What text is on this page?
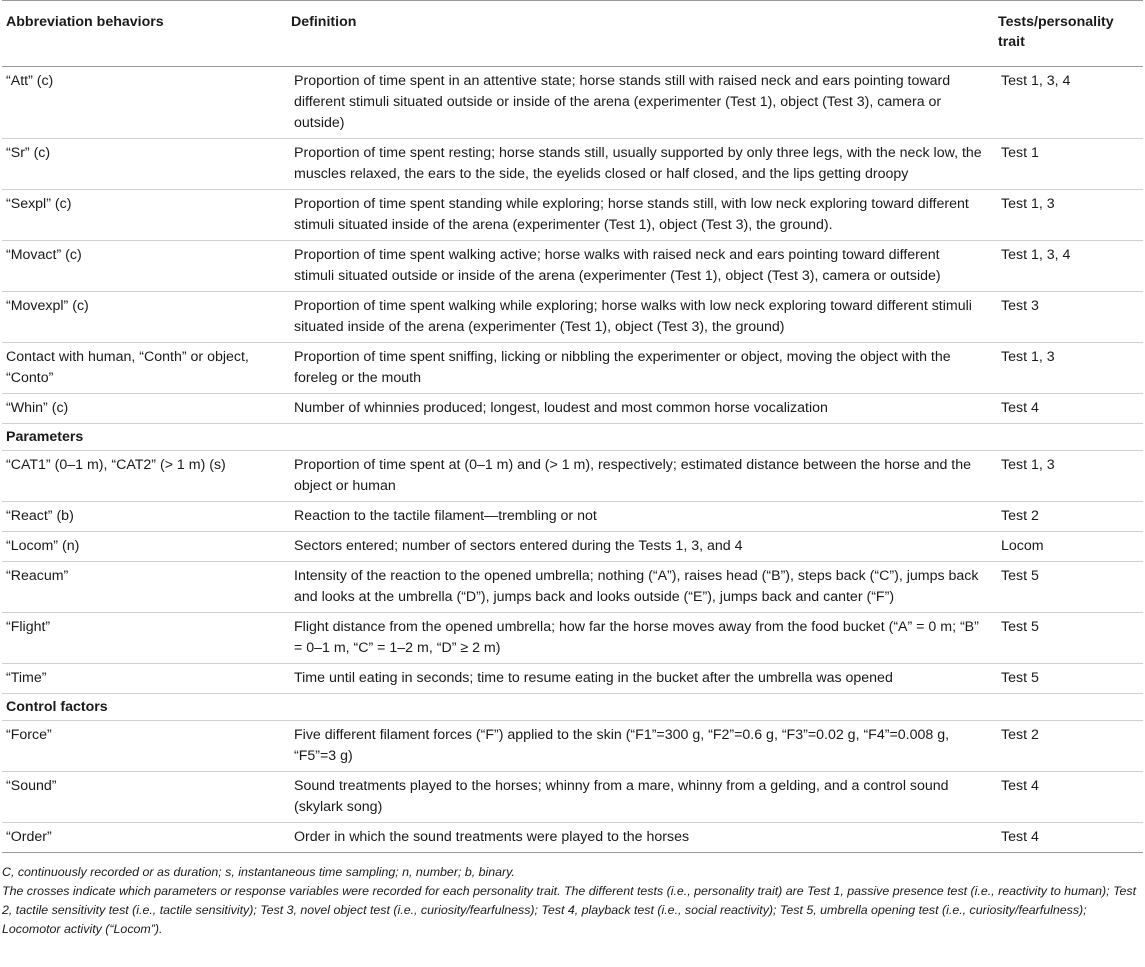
Abbreviation behaviors	Definition	Tests/personality trait
“Att” (c)	Proportion of time spent in an attentive state; horse stands still with raised neck and ears pointing toward different stimuli situated outside or inside of the arena (experimenter (Test 1), object (Test 3), camera or outside)	Test 1, 3, 4
“Sr” (c)	Proportion of time spent resting; horse stands still, usually supported by only three legs, with the neck low, the muscles relaxed, the ears to the side, the eyelids closed or half closed, and the lips getting droopy	Test 1
“Sexpl” (c)	Proportion of time spent standing while exploring; horse stands still, with low neck exploring toward different stimuli situated inside of the arena (experimenter (Test 1), object (Test 3), the ground).	Test 1, 3
“Movact” (c)	Proportion of time spent walking active; horse walks with raised neck and ears pointing toward different stimuli situated outside or inside of the arena (experimenter (Test 1), object (Test 3), camera or outside)	Test 1, 3, 4
“Movexpl” (c)	Proportion of time spent walking while exploring; horse walks with low neck exploring toward different stimuli situated inside of the arena (experimenter (Test 1), object (Test 3), the ground)	Test 3
Contact with human, “Conth” or object, “Conto”	Proportion of time spent sniffing, licking or nibbling the experimenter or object, moving the object with the foreleg or the mouth	Test 1, 3
“Whin” (c)	Number of whinnies produced; longest, loudest and most common horse vocalization	Test 4
Parameters		
“CAT1” (0–1 m), “CAT2” (> 1 m) (s)	Proportion of time spent at (0–1 m) and (> 1 m), respectively; estimated distance between the horse and the object or human	Test 1, 3
“React” (b)	Reaction to the tactile filament—trembling or not	Test 2
“Locom” (n)	Sectors entered; number of sectors entered during the Tests 1, 3, and 4	Locom
“Reacum”	Intensity of the reaction to the opened umbrella; nothing (“A”), raises head (“B”), steps back (“C”), jumps back and looks at the umbrella (“D”), jumps back and looks outside (“E”), jumps back and canter (“F”)	Test 5
“Flight”	Flight distance from the opened umbrella; how far the horse moves away from the food bucket (“A” = 0 m; “B” = 0–1 m, “C” = 1–2 m, “D” ≥ 2 m)	Test 5
“Time”	Time until eating in seconds; time to resume eating in the bucket after the umbrella was opened	Test 5
Control factors		
“Force”	Five different filament forces (“F”) applied to the skin (“F1”=300 g, “F2”=0.6 g, “F3”=0.02 g, “F4”=0.008 g, “F5”=3 g)	Test 2
“Sound”	Sound treatments played to the horses; whinny from a mare, whinny from a gelding, and a control sound (skylark song)	Test 4
“Order”	Order in which the sound treatments were played to the horses	Test 4

C, continuously recorded or as duration; s, instantaneous time sampling; n, number; b, binary.

The crosses indicate which parameters or response variables were recorded for each personality trait. The different tests (i.e., personality trait) are Test 1, passive presence test (i.e., reactivity to human); Test 2, tactile sensitivity test (i.e., tactile sensitivity); Test 3, novel object test (i.e., curiosity/fearfulness); Test 4, playback test (i.e., social reactivity); Test 5, umbrella opening test (i.e., curiosity/fearfulness); Locomotor activity (“Locom”).
